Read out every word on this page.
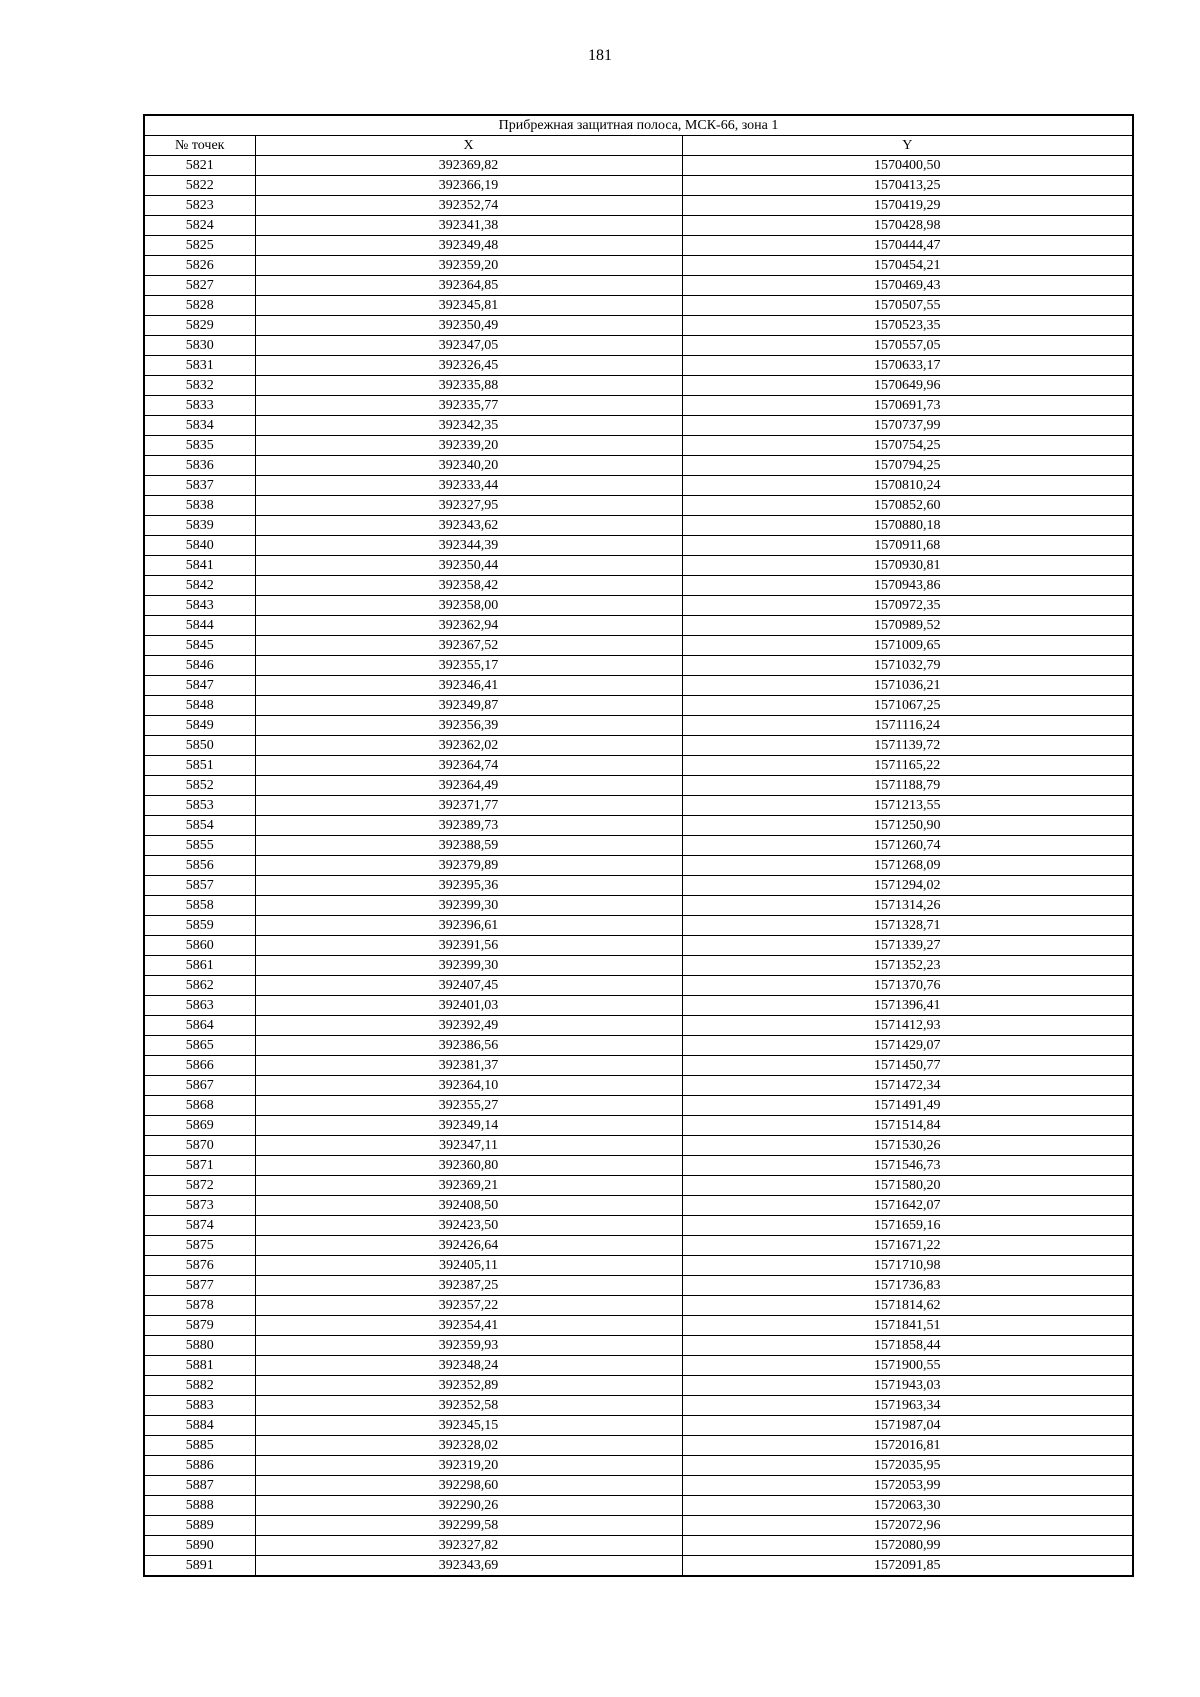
181
Прибрежная защитная полоса, МСК-66, зона 1		
№ точек	X	Y
5821	392369,82	1570400,50
5822	392366,19	1570413,25
5823	392352,74	1570419,29
5824	392341,38	1570428,98
5825	392349,48	1570444,47
5826	392359,20	1570454,21
5827	392364,85	1570469,43
5828	392345,81	1570507,55
5829	392350,49	1570523,35
5830	392347,05	1570557,05
5831	392326,45	1570633,17
5832	392335,88	1570649,96
5833	392335,77	1570691,73
5834	392342,35	1570737,99
5835	392339,20	1570754,25
5836	392340,20	1570794,25
5837	392333,44	1570810,24
5838	392327,95	1570852,60
5839	392343,62	1570880,18
5840	392344,39	1570911,68
5841	392350,44	1570930,81
5842	392358,42	1570943,86
5843	392358,00	1570972,35
5844	392362,94	1570989,52
5845	392367,52	1571009,65
5846	392355,17	1571032,79
5847	392346,41	1571036,21
5848	392349,87	1571067,25
5849	392356,39	1571116,24
5850	392362,02	1571139,72
5851	392364,74	1571165,22
5852	392364,49	1571188,79
5853	392371,77	1571213,55
5854	392389,73	1571250,90
5855	392388,59	1571260,74
5856	392379,89	1571268,09
5857	392395,36	1571294,02
5858	392399,30	1571314,26
5859	392396,61	1571328,71
5860	392391,56	1571339,27
5861	392399,30	1571352,23
5862	392407,45	1571370,76
5863	392401,03	1571396,41
5864	392392,49	1571412,93
5865	392386,56	1571429,07
5866	392381,37	1571450,77
5867	392364,10	1571472,34
5868	392355,27	1571491,49
5869	392349,14	1571514,84
5870	392347,11	1571530,26
5871	392360,80	1571546,73
5872	392369,21	1571580,20
5873	392408,50	1571642,07
5874	392423,50	1571659,16
5875	392426,64	1571671,22
5876	392405,11	1571710,98
5877	392387,25	1571736,83
5878	392357,22	1571814,62
5879	392354,41	1571841,51
5880	392359,93	1571858,44
5881	392348,24	1571900,55
5882	392352,89	1571943,03
5883	392352,58	1571963,34
5884	392345,15	1571987,04
5885	392328,02	1572016,81
5886	392319,20	1572035,95
5887	392298,60	1572053,99
5888	392290,26	1572063,30
5889	392299,58	1572072,96
5890	392327,82	1572080,99
5891	392343,69	1572091,85
